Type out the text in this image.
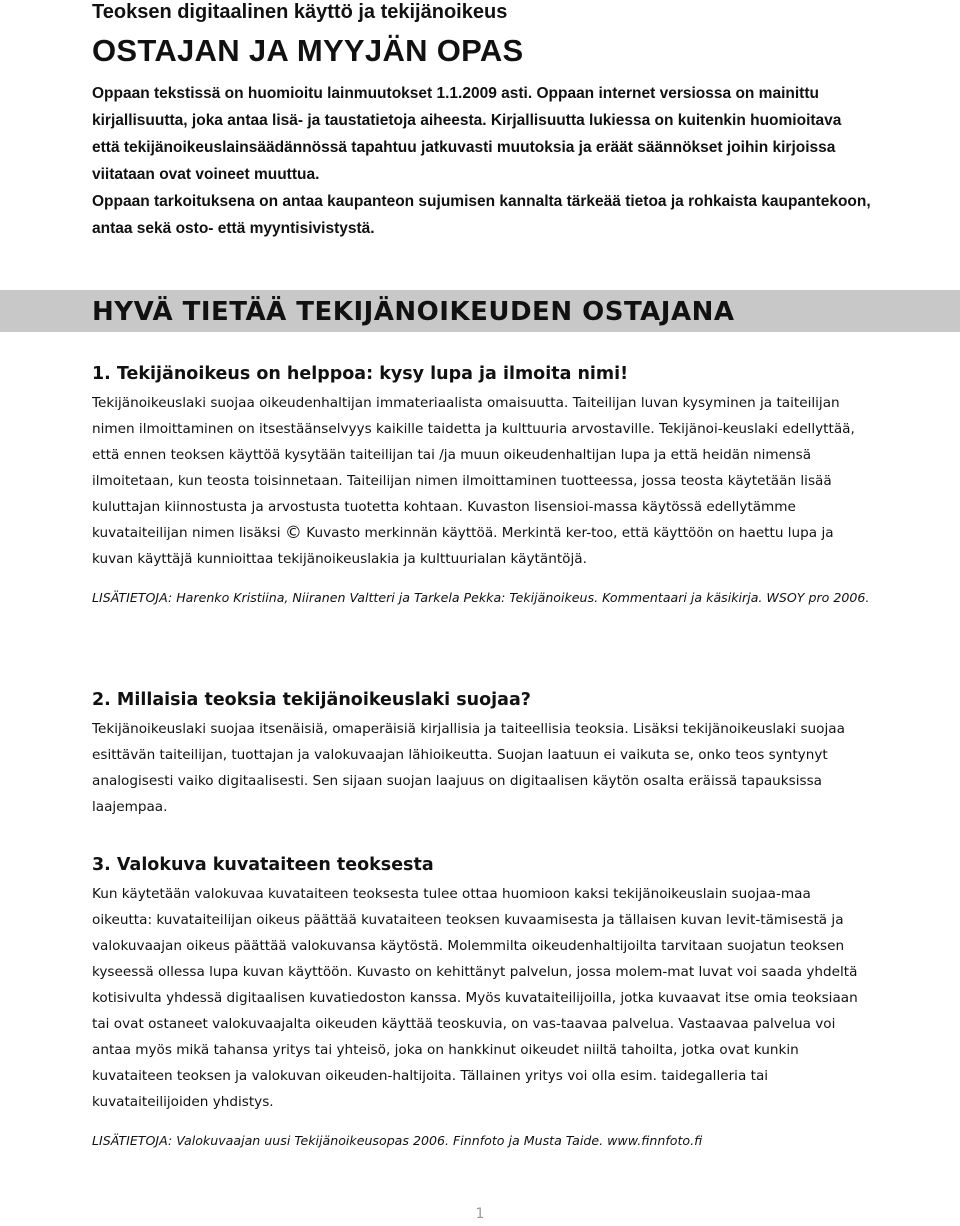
Teoksen digitaalinen käyttö ja tekijänoikeus

OSTAJAN JA MYYJÄN OPAS

Oppaan tekstissä on huomioitu lainmuutokset 1.1.2009 asti. Oppaan internet versiossa on mainittu kirjallisuutta, joka antaa lisä- ja taustatietoja aiheesta. Kirjallisuutta lukiessa on kuitenkin huomioitava että tekijänoikeuslainsäädännössä tapahtuu jatkuvasti muutoksia ja eräät säännökset joihin kirjoissa viitataan ovat voineet muuttua.

Oppaan tarkoituksena on antaa kaupanteon sujumisen kannalta tärkeää tietoa ja rohkaista kaupantekoon, antaa sekä osto- että myyntisivistystä.

HYVÄ TIETÄÄ TEKIJÄNOIKEUDEN OSTAJANA
1. Tekijänoikeus on helppoa: kysy lupa ja ilmoita nimi!

Tekijänoikeuslaki suojaa oikeudenhaltijan immateriaalista omaisuutta. Taiteilijan luvan kysyminen ja taiteilijan nimen ilmoittaminen on itsestäänselvyys kaikille taidetta ja kulttuuria arvostaville. Tekijänoi-keuslaki edellyttää, että ennen teoksen käyttöä kysytään taiteilijan tai /ja muun oikeudenhaltijan lupa ja että heidän nimensä ilmoitetaan, kun teosta toisinnetaan. Taiteilijan nimen ilmoittaminen tuotteessa, jossa teosta käytetään lisää kuluttajan kiinnostusta ja arvostusta tuotetta kohtaan. Kuvaston lisensioi-massa käytössä edellytämme kuvataiteilijan nimen lisäksi © Kuvasto merkinnän käyttöä. Merkintä ker-too, että käyttöön on haettu lupa ja kuvan käyttäjä kunnioittaa tekijänoikeuslakia ja kulttuurialan käytäntöjä.

LISÄTIETOJA: Harenko Kristiina, Niiranen Valtteri ja Tarkela Pekka: Tekijänoikeus. Kommentaari ja käsikirja. WSOY pro 2006.

2. Millaisia teoksia tekijänoikeuslaki suojaa?

Tekijänoikeuslaki suojaa itsenäisiä, omaperäisiä kirjallisia ja taiteellisia teoksia. Lisäksi tekijänoikeuslaki suojaa esittävän taiteilijan, tuottajan ja valokuvaajan lähioikeutta. Suojan laatuun ei vaikuta se, onko teos syntynyt analogisesti vaiko digitaalisesti. Sen sijaan suojan laajuus on digitaalisen käytön osalta eräissä tapauksissa laajempaa.

3. Valokuva kuvataiteen teoksesta

Kun käytetään valokuvaa kuvataiteen teoksesta tulee ottaa huomioon kaksi tekijänoikeuslain suojaa-maa oikeutta: kuvataiteilijan oikeus päättää kuvataiteen teoksen kuvaamisesta ja tällaisen kuvan levit-tämisestä ja valokuvaajan oikeus päättää valokuvansa käytöstä. Molemmilta oikeudenhaltijoilta tarvitaan suojatun teoksen kyseessä ollessa lupa kuvan käyttöön. Kuvasto on kehittänyt palvelun, jossa molem-mat luvat voi saada yhdeltä kotisivulta yhdessä digitaalisen kuvatiedoston kanssa. Myös kuvataiteilijoilla, jotka kuvaavat itse omia teoksiaan tai ovat ostaneet valokuvaajalta oikeuden käyttää teoskuvia, on vas-taavaa palvelua. Vastaavaa palvelua voi antaa myös mikä tahansa yritys tai yhteisö, joka on hankkinut oikeudet niiltä tahoilta, jotka ovat kunkin kuvataiteen teoksen ja valokuvan oikeuden-haltijoita. Tällainen yritys voi olla esim. taidegalleria tai kuvataiteilijoiden yhdistys.

LISÄTIETOJA: Valokuvaajan uusi Tekijänoikeusopas 2006. Finnfoto ja Musta Taide. www.finnfoto.fi

1
